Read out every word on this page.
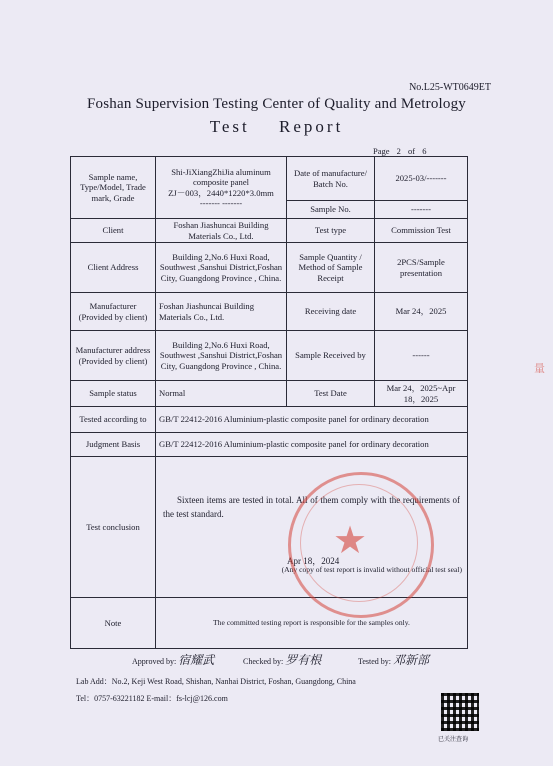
No.L25-WT0649ET
Foshan Supervision Testing Center of Quality and Metrology
Test Report
Page 2 of 6
Sample name, Type/Model, Trade mark, Grade	Shi-JiXiangZhiJia aluminum composite panel
ZJ－003，2440*1220*3.0mm
------- -------	Date of manufacture/ Batch No.	2025-03/-------
		Sample No.	-------
Client	Foshan Jiashuncai Building Materials Co., Ltd.	Test type	Commission Test
Client Address	Building 2,No.6 Huxi Road, Southwest ,Sanshui District,Foshan City, Guangdong Province , China.	Sample Quantity / Method of Sample Receipt	2PCS/Sample presentation
Manufacturer (Provided by client)	Foshan Jiashuncai Building Materials Co., Ltd.	Receiving date	Mar 24，2025
Manufacturer address (Provided by client)	Building 2,No.6 Huxi Road, Southwest ,Sanshui District,Foshan City, Guangdong Province , China.	Sample Received by	------
Sample status	Normal	Test Date	Mar 24，2025~Apr 18，2025
Tested according to	GB/T 22412-2016 Aluminium-plastic composite panel for ordinary decoration		
Judgment Basis	GB/T 22412-2016 Aluminium-plastic composite panel for ordinary decoration		
Test conclusion	Sixteen items are tested in total. All of them comply with the requirements of the test standard.
Apr 18，2024
(Any copy of test report is invalid without official test seal)		

Note	The committed testing report is responsible for the samples only.		
★
量
Approved by: 宿耀武	Checked by: 罗有根	Tested by: 邓新部
Lab Add：No.2, Keji West Road, Shishan, Nanhai District, Foshan, Guangdong, China
Tel：0757-63221182 E-mail：fs-lcj@126.com
已关注查询
